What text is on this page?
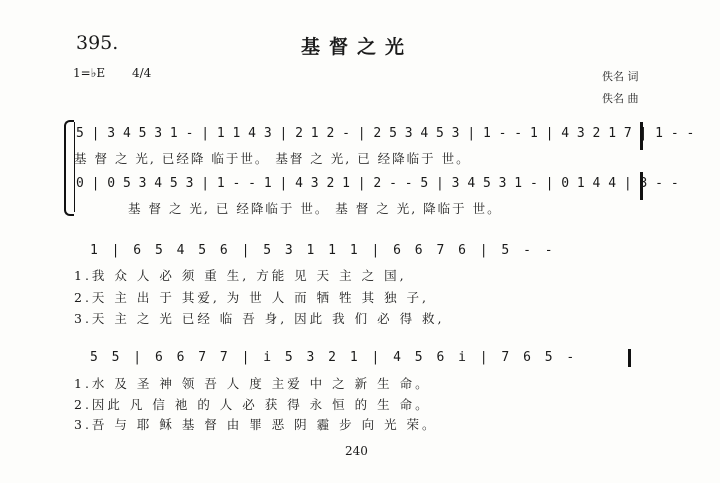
395.	基督之光
1=♭E 4/4	佚名 词
佚名 曲
5 | 3 4 5 3 1 - | 1 1 4 3 | 2 1 2 - | 2 5 3 4 5 3 | 1 - - 1 | 4 3 2 1 7 | 1 - -
基 督 之 光, 已经降 临于世。 基督 之 光, 已 经降临于 世。
0 | 0 5 3 4 5 3 | 1 - - 1 | 4 3 2 1 | 2 - - 5 | 3 4 5 3 1 - | 0 1 4 4 | 3 - -
基 督 之 光, 已 经降临于 世。 基 督 之 光, 降临于 世。
1 | 6 5 4 5 6 | 5 3 1 1 1 | 6 6 7 6 | 5 - -
1.我 众 人 必 须 重 生, 方能 见 天 主 之 国,
2.天 主 出 于 其爱, 为 世 人 而 牺 牲 其 独 子,
3.天 主 之 光 已经 临 吾 身, 因此 我 们 必 得 救,
5 5 | 6 6 7 7 | i 5 3 2 1 | 4 5 6 i | 7 6 5 -
1.水 及 圣 神 领 吾 人 度 主爱 中 之 新 生 命。
2.因此 凡 信 祂 的 人 必 获 得 永 恒 的 生 命。
3.吾 与 耶 稣 基 督 由 罪 恶 阴 霾 步 向 光 荣。
240
